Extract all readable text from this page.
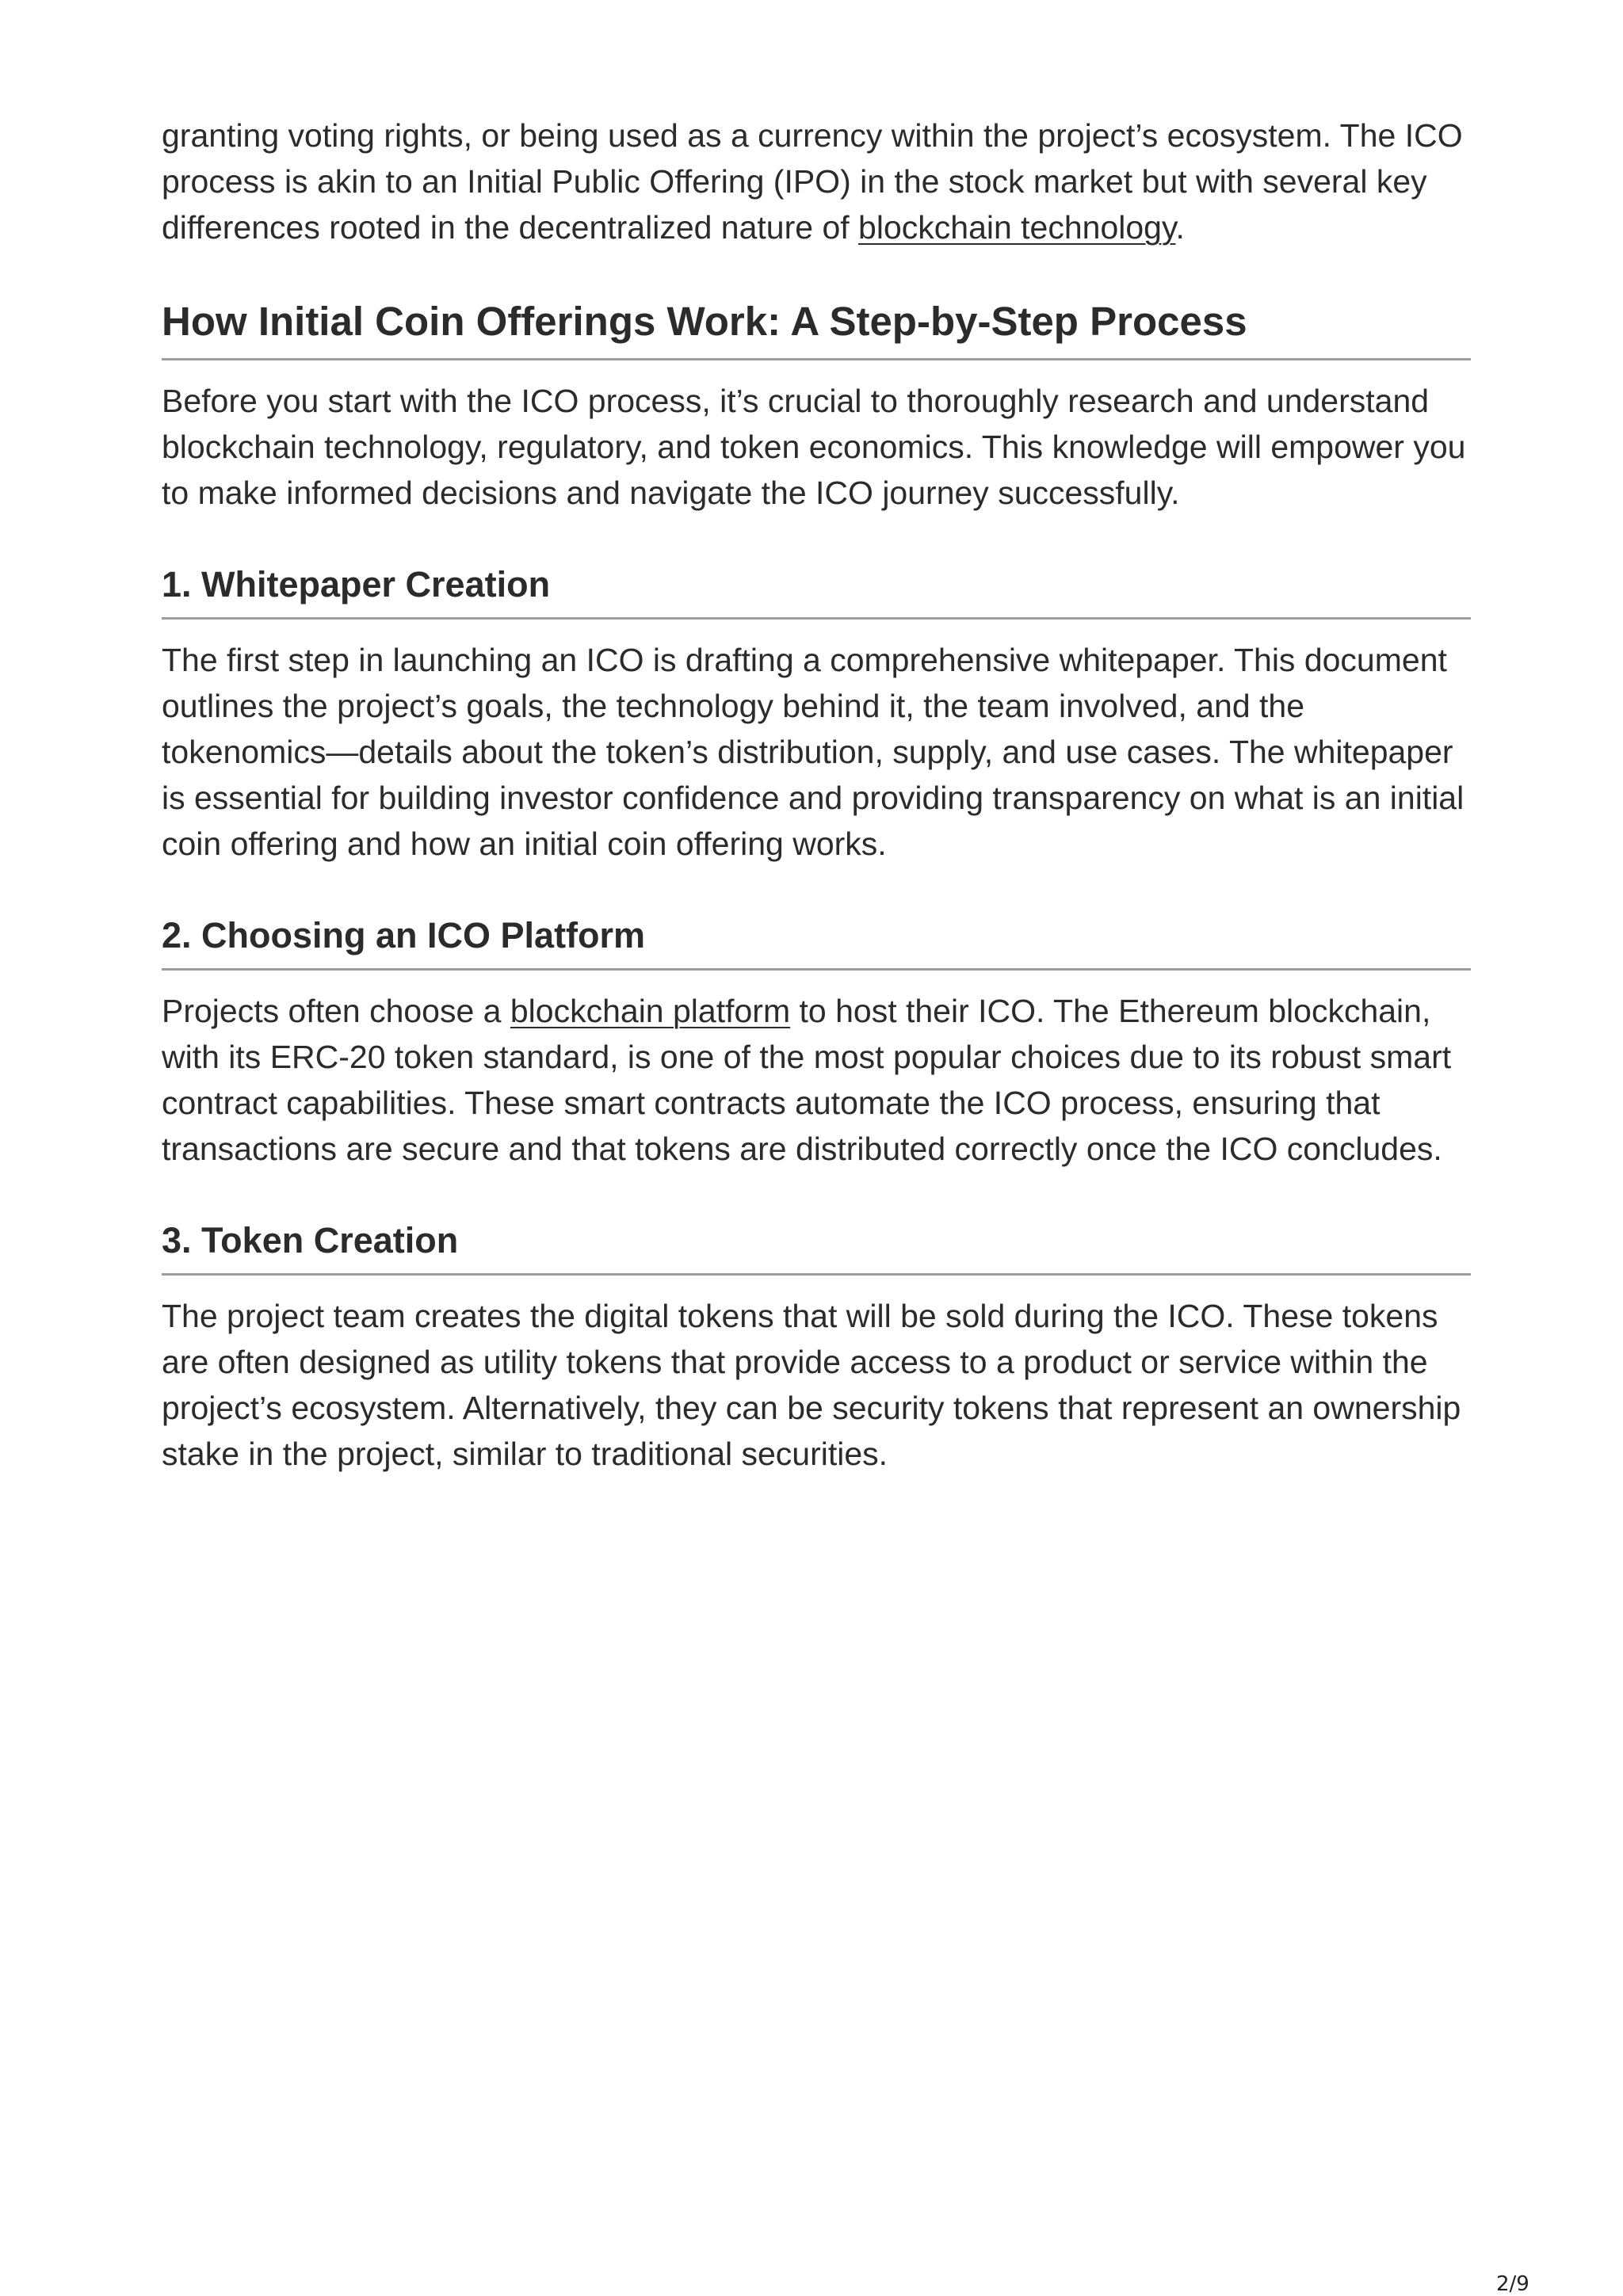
granting voting rights, or being used as a currency within the project’s ecosystem. The ICO process is akin to an Initial Public Offering (IPO) in the stock market but with several key differences rooted in the decentralized nature of blockchain technology.

How Initial Coin Offerings Work: A Step-by-Step Process

Before you start with the ICO process, it’s crucial to thoroughly research and understand blockchain technology, regulatory, and token economics. This knowledge will empower you to make informed decisions and navigate the ICO journey successfully.

1. Whitepaper Creation

The first step in launching an ICO is drafting a comprehensive whitepaper. This document outlines the project’s goals, the technology behind it, the team involved, and the tokenomics—details about the token’s distribution, supply, and use cases. The whitepaper is essential for building investor confidence and providing transparency on what is an initial coin offering and how an initial coin offering works.

2. Choosing an ICO Platform

Projects often choose a blockchain platform to host their ICO. The Ethereum blockchain, with its ERC-20 token standard, is one of the most popular choices due to its robust smart contract capabilities. These smart contracts automate the ICO process, ensuring that transactions are secure and that tokens are distributed correctly once the ICO concludes.

3. Token Creation

The project team creates the digital tokens that will be sold during the ICO. These tokens are often designed as utility tokens that provide access to a product or service within the project’s ecosystem. Alternatively, they can be security tokens that represent an ownership stake in the project, similar to traditional securities.

2/9
